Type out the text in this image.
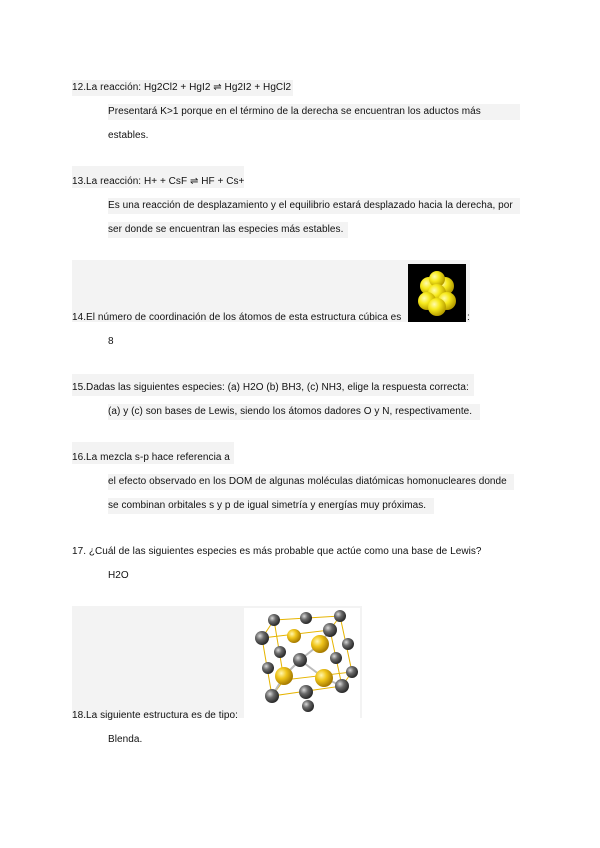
12.La reacción: Hg2Cl2 + HgI2 ⇌ Hg2I2 + HgCl2
Presentará K>1 porque en el término de la derecha se encuentran los aductos más
estables.
13.La reacción: H+ + CsF ⇌ HF + Cs+
Es una reacción de desplazamiento y el equilibrio estará desplazado hacia la derecha, por
ser donde se encuentran las especies más estables.
14.El número de coordinación de los átomos de esta estructura cúbica es	:
8
15.Dadas las siguientes especies: (a) H2O (b) BH3, (c) NH3, elige la respuesta correcta:
(a) y (c) son bases de Lewis, siendo los átomos dadores O y N, respectivamente.
16.La mezcla s-p hace referencia a
el efecto observado en los DOM de algunas moléculas diatómicas homonucleares donde
se combinan orbitales s y p de igual simetría y energías muy próximas.
17. ¿Cuál de las siguientes especies es más probable que actúe como una base de Lewis?
H2O
18.La siguiente estructura es de tipo:
Blenda.
